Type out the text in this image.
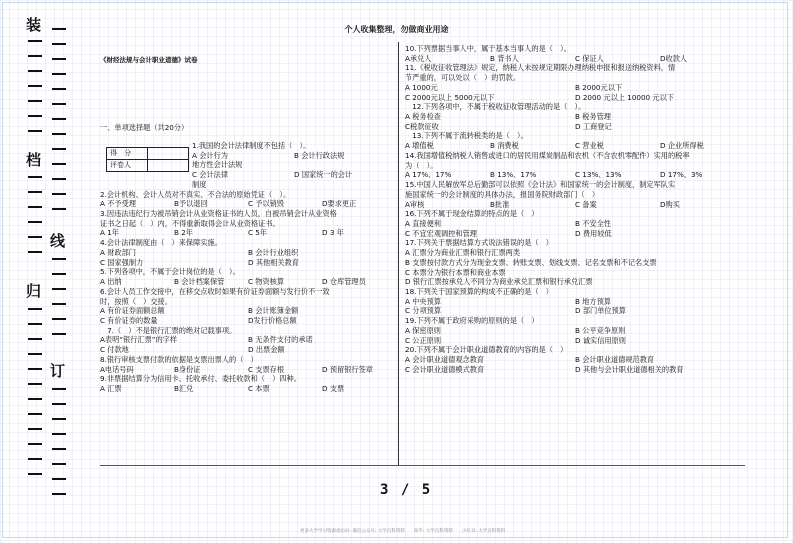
个人收集整理，勿做商业用途
装
档
线
归
订
《财经法规与会计职业道德》试卷
一、单项选择题（共20分）
得　分	
评卷人	
1.我国的会计法律制度不包括（　）。
A 会计行为	B 会计行政法规
地方性会计法规
C 会计法律	D 国家统一的会计
制度
2.会计机构、会计人员对不真实、不合法的原始凭证（　）。
A 不予受理	B予以退回	C 予以销毁	D要求更正
3.因违法违纪行为被吊销会计从业资格证书的人员，自被吊销会计从业资格
证书之日起（　）内，不得重新取得会计从业资格证书。
A 1年	B 2年	C 5年	D 3 年
4.会计法律制度由（　）来保障实施。
A 财政部门	B 会计行业组织
C 国家强制力	D 其他相关教育
5.下列各项中，不属于会计岗位的是（　）。
A 出纳	B 会计档案保管	C 物资核算	D 仓库管理员
6.会计人员工作交接中，在移交点收时如果有价证券面额与发行价不一致
时，按照（　）交接。
A 有价证券面额总额	B 会计账簿金额
C 有价证券的数量	D发行价格总额
　7.（　）不是银行汇票的绝对记载事项。
A表明“银行汇票”的字样	B 无条件支付的承诺
C 付款地	D 出票金额
8.银行审核支票付款的依据是支票出票人的（　）
A电话号码	B身份证	C 支票存根	D 预留银行签章
9.非票据结算分为信用卡、托收承付、委托收款和（　）四种。
A 汇票	B汇兑	C 本票	D 支票
10.下列票据当事人中，属于基本当事人的是（　）。
A承兑人	B 背书人	C 保证人	D收款人
11.《税收征收管理法》规定，纳税人未按规定期限办理纳税申报和报送纳税资料，情
节严重的，可以处以（　）的罚款。
A 1000元	B 2000元以下
C 2000元以上 5000元以下	D 2000 元以上 10000 元以下
　12.下列各项中，不属于税收征收管理活动的是（　）。
A 税务检查	B 税务管理
C税款征收	D 工商登记
　13.下列不属于流转税类的是（　）。
A 增值税	B 消费税	C 营业税	D 企业所得税
14.我国增值税纳税人销售或进口的居民用煤炭制品和农机（不含农机零配件）实用的税率
为（　）。
A 17%、17%	B 13%、17%	C 13%、13%	D 17%、3%
15.中国人民解放军总后勤部可以依照《会计法》和国家统一的会计制度，制定军队实
施国家统一的会计制度的具体办法，报国务院财政部门（　）
A审核	B批准	C 备案	D购买
16.下列不属于现金结算的特点的是（　）
A 直接便利	B 不安全性
C 不宜宏观调控和管理	D 费用较低
17.下列关于票据结算方式说法错误的是（　）
A 汇票分为商业汇票和银行汇票两类
B 支票按付款方式分为现金支票、转账支票、划线支票、记名支票和不记名支票
C 本票分为银行本票和商业本票
D 银行汇票按承兑人不同分为商业承兑汇票和银行承兑汇票
18.下列关于国家预算的构成不正确的是（　）
A 中央预算	B 地方预算
C 分项预算	D 部门单位预算
19.下列不属于政府采购的原则的是（　）
A 保密原则	B 公平竞争原则
C 公正原则	D 诚实信用原则
20.下列不属于会计职业道德教育的内容的是（　）
A 会计职业道德观念教育	B 会计职业道德规范教育
C 会计职业道德模式教育	D 其他与会计职业道德相关的教育
3 / 5
更多大学学习资源请访问: 微信公众号: 大学百科资料　　知乎: 大学百科资料　　小红书: 大学百科资料
